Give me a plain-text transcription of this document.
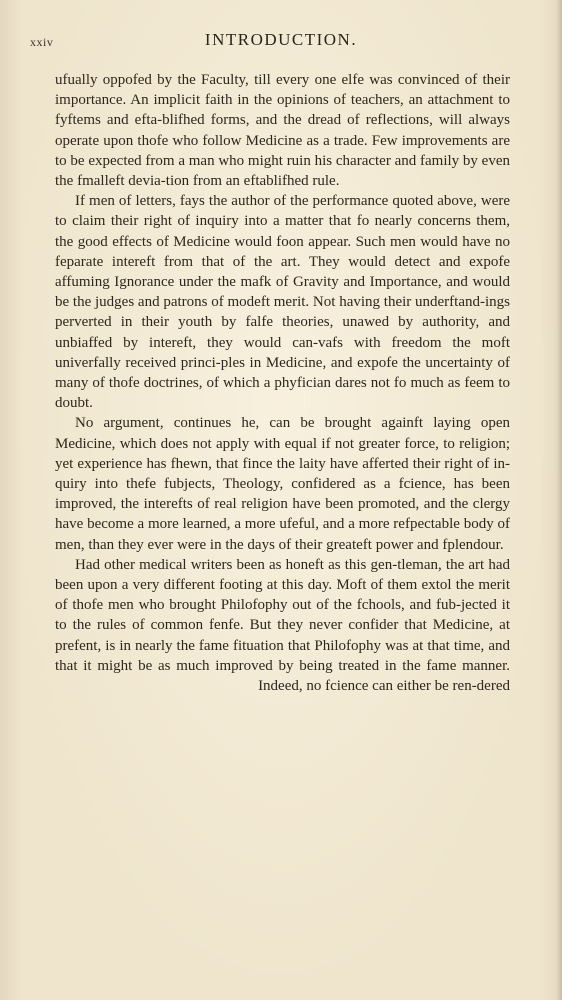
xxiv	INTRODUCTION.

ufually oppofed by the Faculty, till every one elfe was convinced of their importance. An implicit faith in the opinions of teachers, an attachment to fyftems and efta-blifhed forms, and the dread of reflections, will always operate upon thofe who follow Medicine as a trade. Few improvements are to be expected from a man who might ruin his character and family by even the fmalleft devia-tion from an eftablifhed rule.

If men of letters, fays the author of the performance quoted above, were to claim their right of inquiry into a matter that fo nearly concerns them, the good effects of Medicine would foon appear. Such men would have no feparate intereft from that of the art. They would detect and expofe affuming Ignorance under the mafk of Gravity and Importance, and would be the judges and patrons of modeft merit. Not having their underftand-ings perverted in their youth by falfe theories, unawed by authority, and unbiaffed by intereft, they would can-vafs with freedom the moft univerfally received princi-ples in Medicine, and expofe the uncertainty of many of thofe doctrines, of which a phyfician dares not fo much as feem to doubt.

No argument, continues he, can be brought againft laying open Medicine, which does not apply with equal if not greater force, to religion; yet experience has fhewn, that fince the laity have afferted their right of in-quiry into thefe fubjects, Theology, confidered as a fcience, has been improved, the interefts of real religion have been promoted, and the clergy have become a more learned, a more ufeful, and a more refpectable body of men, than they ever were in the days of their greateft power and fplendour.

Had other medical writers been as honeft as this gen-tleman, the art had been upon a very different footing at this day. Moft of them extol the merit of thofe men who brought Philofophy out of the fchools, and fub-jected it to the rules of common fenfe. But they never confider that Medicine, at prefent, is in nearly the fame fituation that Philofophy was at that time, and that it might be as much improved by being treated in the fame manner. Indeed, no fcience can either be ren-dered
